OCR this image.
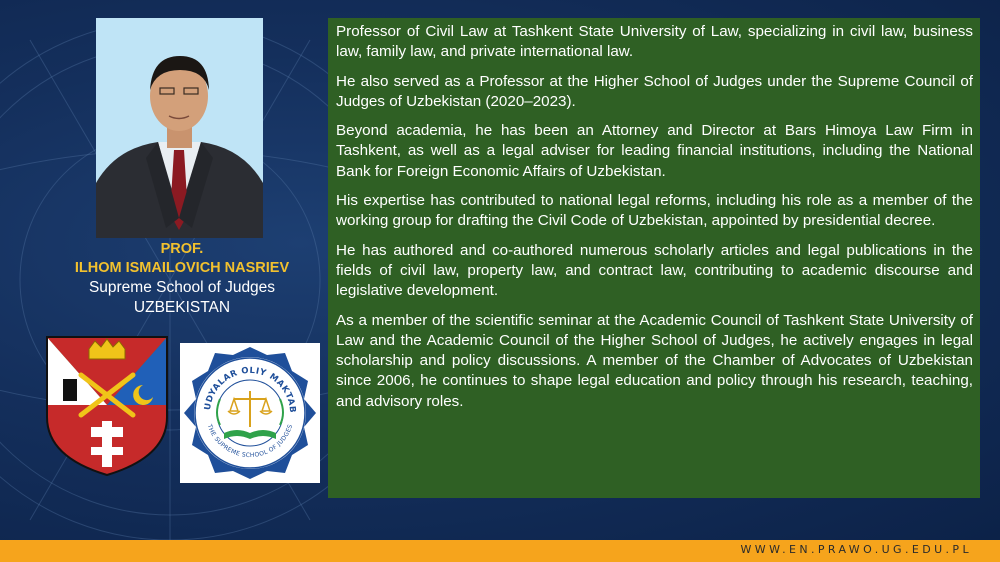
PROF.
ILHOM ISMAILOVICH NASRIEV
Supreme School of Judges
UZBEKISTAN
UDYALAR OLIY MAKTAB
THE SUPREME SCHOOL OF JUDGES

Professor of Civil Law at Tashkent State University of Law, specializing in civil law, business law, family law, and private international law.

He also served as a Professor at the Higher School of Judges under the Supreme Council of Judges of Uzbekistan (2020–2023).

Beyond academia, he has been an Attorney and Director at Bars Himoya Law Firm in Tashkent, as well as a legal adviser for leading financial institutions, including the National Bank for Foreign Economic Affairs of Uzbekistan.

His expertise has contributed to national legal reforms, including his role as a member of the working group for drafting the Civil Code of Uzbekistan, appointed by presidential decree.

He has authored and co-authored numerous scholarly articles and legal publications in the fields of civil law, property law, and contract law, contributing to academic discourse and legislative development.

As a member of the scientific seminar at the Academic Council of Tashkent State University of Law and the Academic Council of the Higher School of Judges, he actively engages in legal scholarship and policy discussions. A member of the Chamber of Advocates of Uzbekistan since 2006, he continues to shape legal education and policy through his research, teaching, and advisory roles.

WWW.EN.PRAWO.UG.EDU.PL
